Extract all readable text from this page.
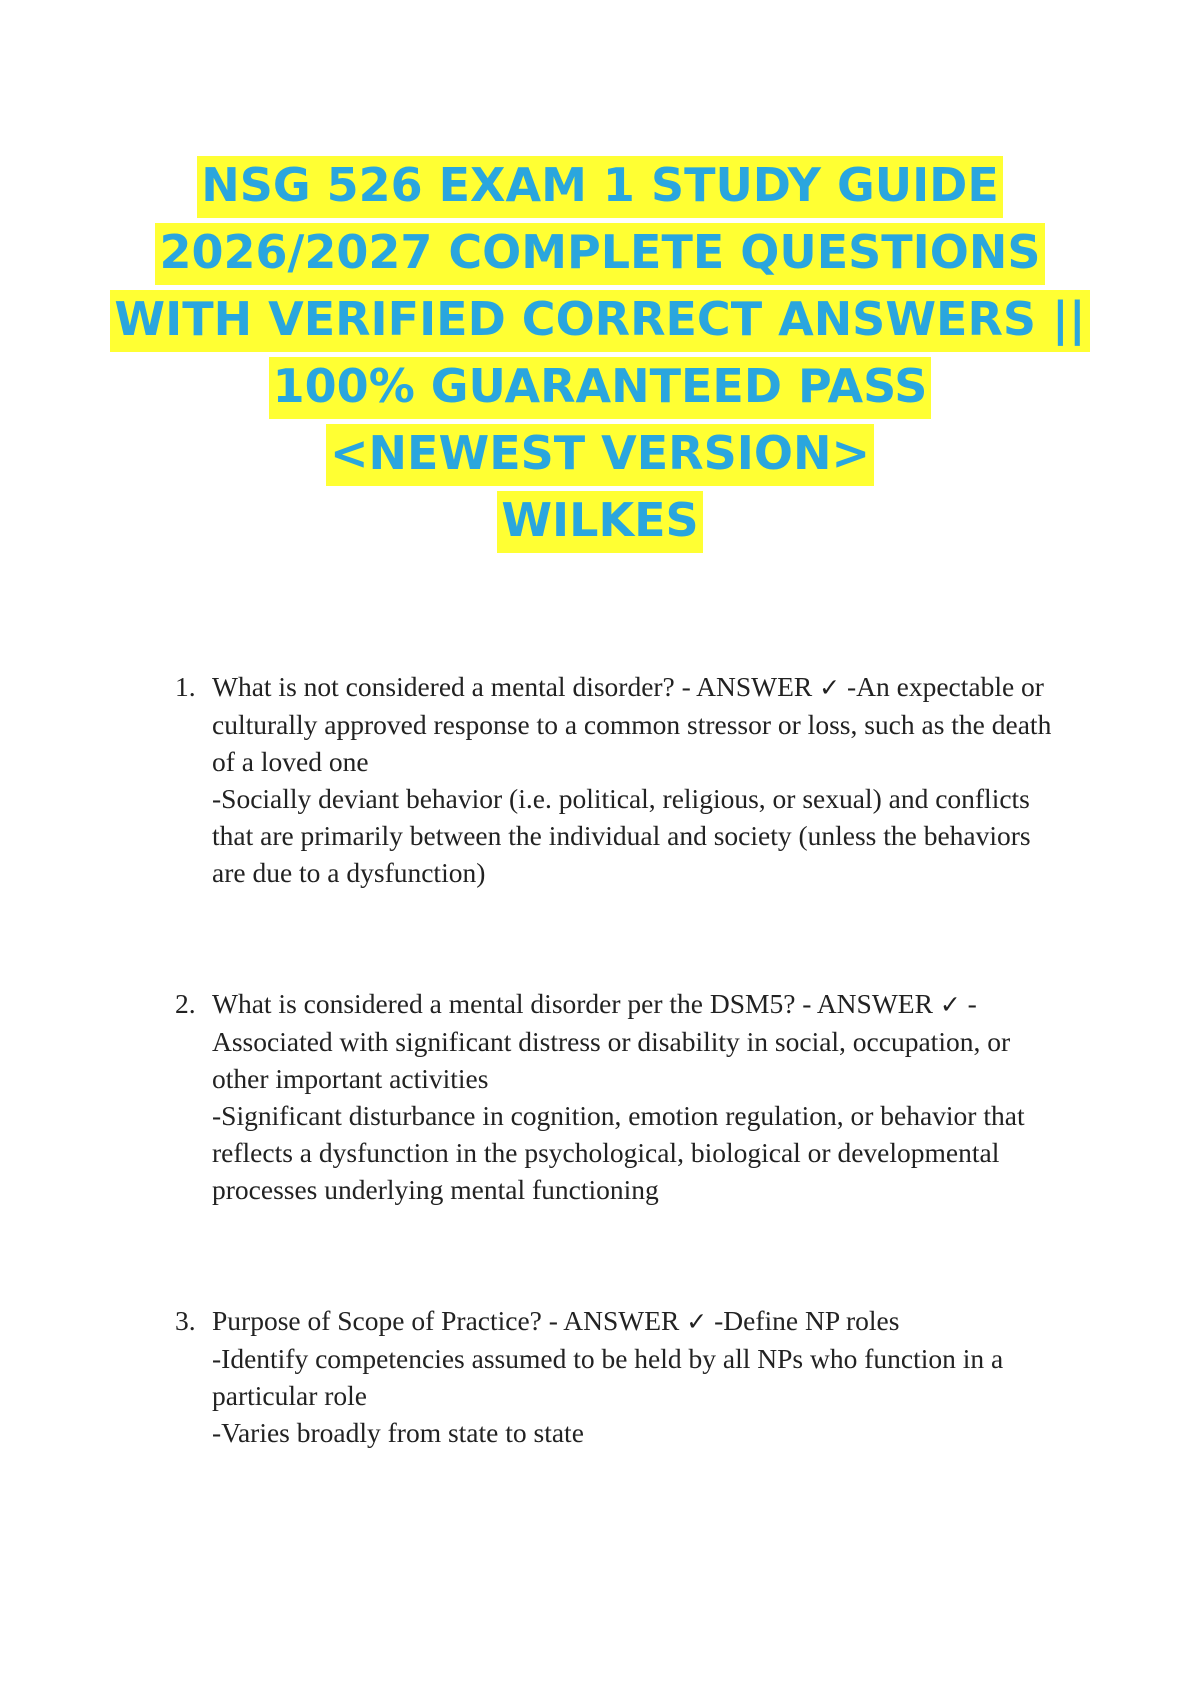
NSG 526 EXAM 1 STUDY GUIDE
2026/2027 COMPLETE QUESTIONS
WITH VERIFIED CORRECT ANSWERS ||
100% GUARANTEED PASS
<NEWEST VERSION>
WILKES
1. What is not considered a mental disorder? - ANSWER ✓ -An expectable or culturally approved response to a common stressor or loss, such as the death of a loved one
-Socially deviant behavior (i.e. political, religious, or sexual) and conflicts that are primarily between the individual and society (unless the behaviors are due to a dysfunction)
2. What is considered a mental disorder per the DSM5? - ANSWER ✓ -Associated with significant distress or disability in social, occupation, or other important activities
-Significant disturbance in cognition, emotion regulation, or behavior that reflects a dysfunction in the psychological, biological or developmental processes underlying mental functioning
3. Purpose of Scope of Practice? - ANSWER ✓ -Define NP roles
-Identify competencies assumed to be held by all NPs who function in a particular role
-Varies broadly from state to state
